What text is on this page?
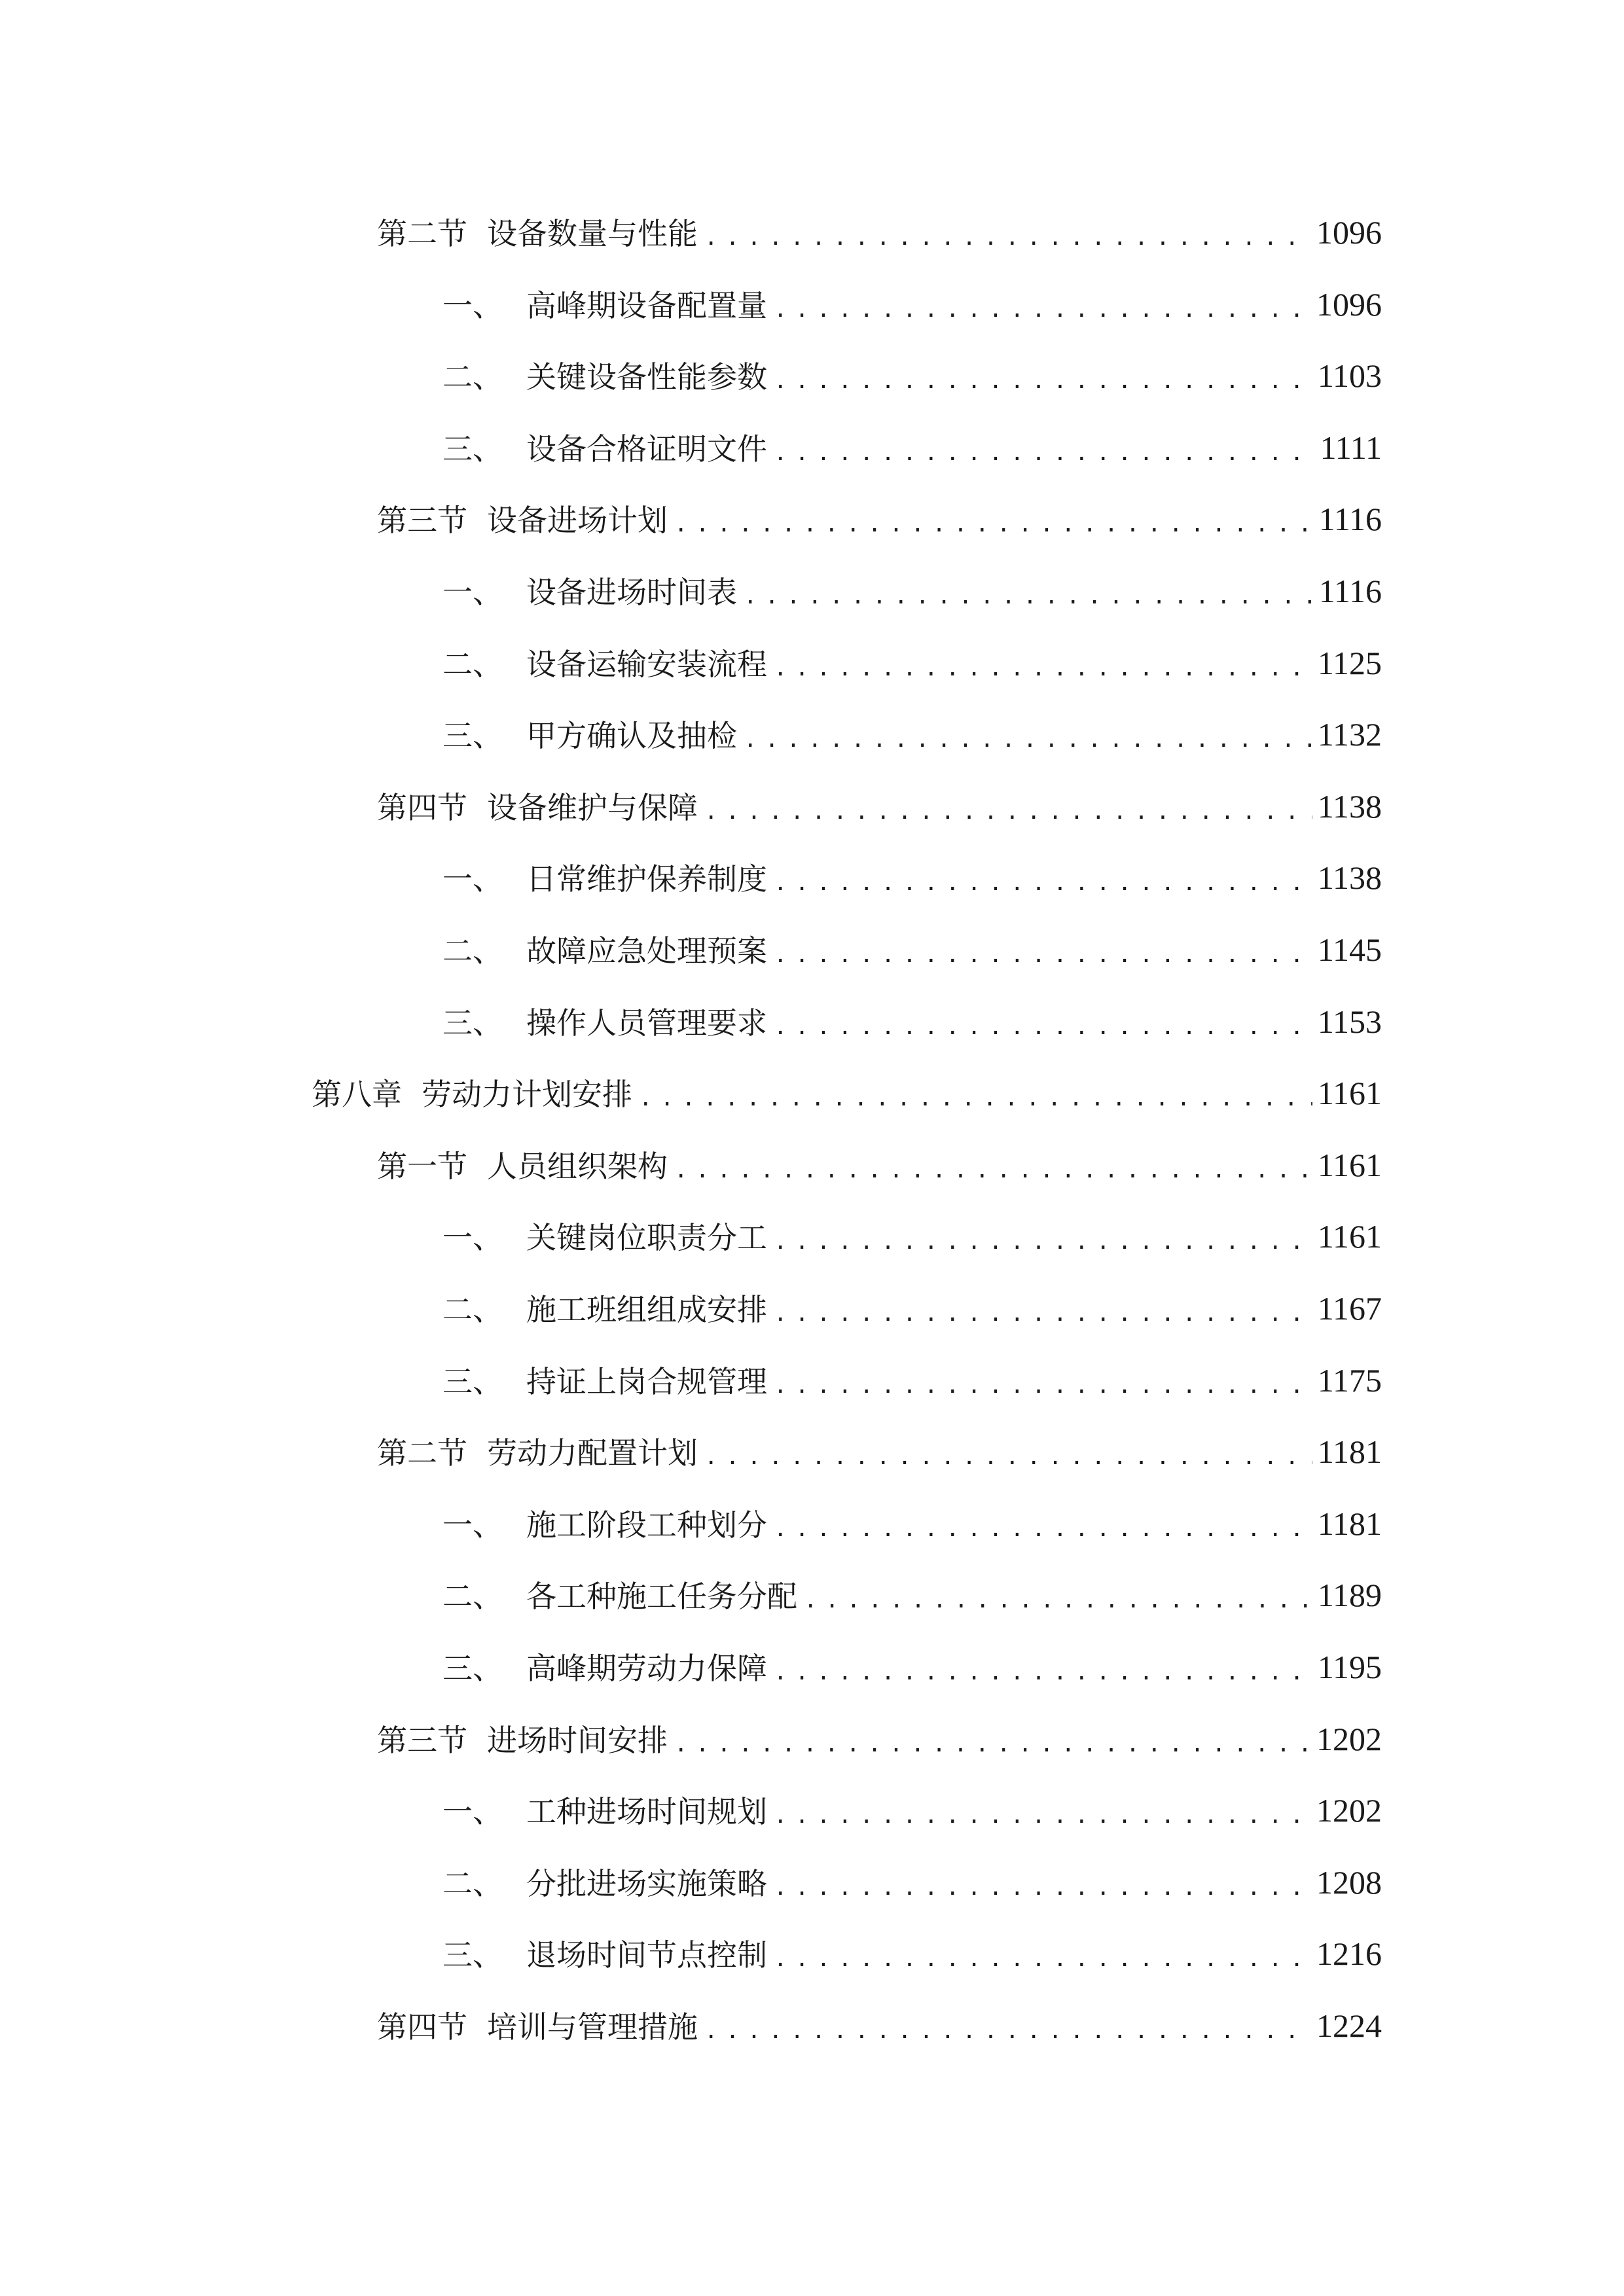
第二节 设备数量与性能 .....	1096
一、 高峰期设备配置量 .....	1096
二、 关键设备性能参数 .....	1103
三、 设备合格证明文件 .....	1111
第三节 设备进场计划 .....	1116
一、 设备进场时间表 .....	1116
二、 设备运输安装流程 .....	1125
三、 甲方确认及抽检 .....	1132
第四节 设备维护与保障 .....	1138
一、 日常维护保养制度 .....	1138
二、 故障应急处理预案 .....	1145
三、 操作人员管理要求 .....	1153
第八章 劳动力计划安排 .....	1161
第一节 人员组织架构 .....	1161
一、 关键岗位职责分工 .....	1161
二、 施工班组组成安排 .....	1167
三、 持证上岗合规管理 .....	1175
第二节 劳动力配置计划 .....	1181
一、 施工阶段工种划分 .....	1181
二、 各工种施工任务分配 .....	1189
三、 高峰期劳动力保障 .....	1195
第三节 进场时间安排 .....	1202
一、 工种进场时间规划 .....	1202
二、 分批进场实施策略 .....	1208
三、 退场时间节点控制 .....	1216
第四节 培训与管理措施 .....	1224
